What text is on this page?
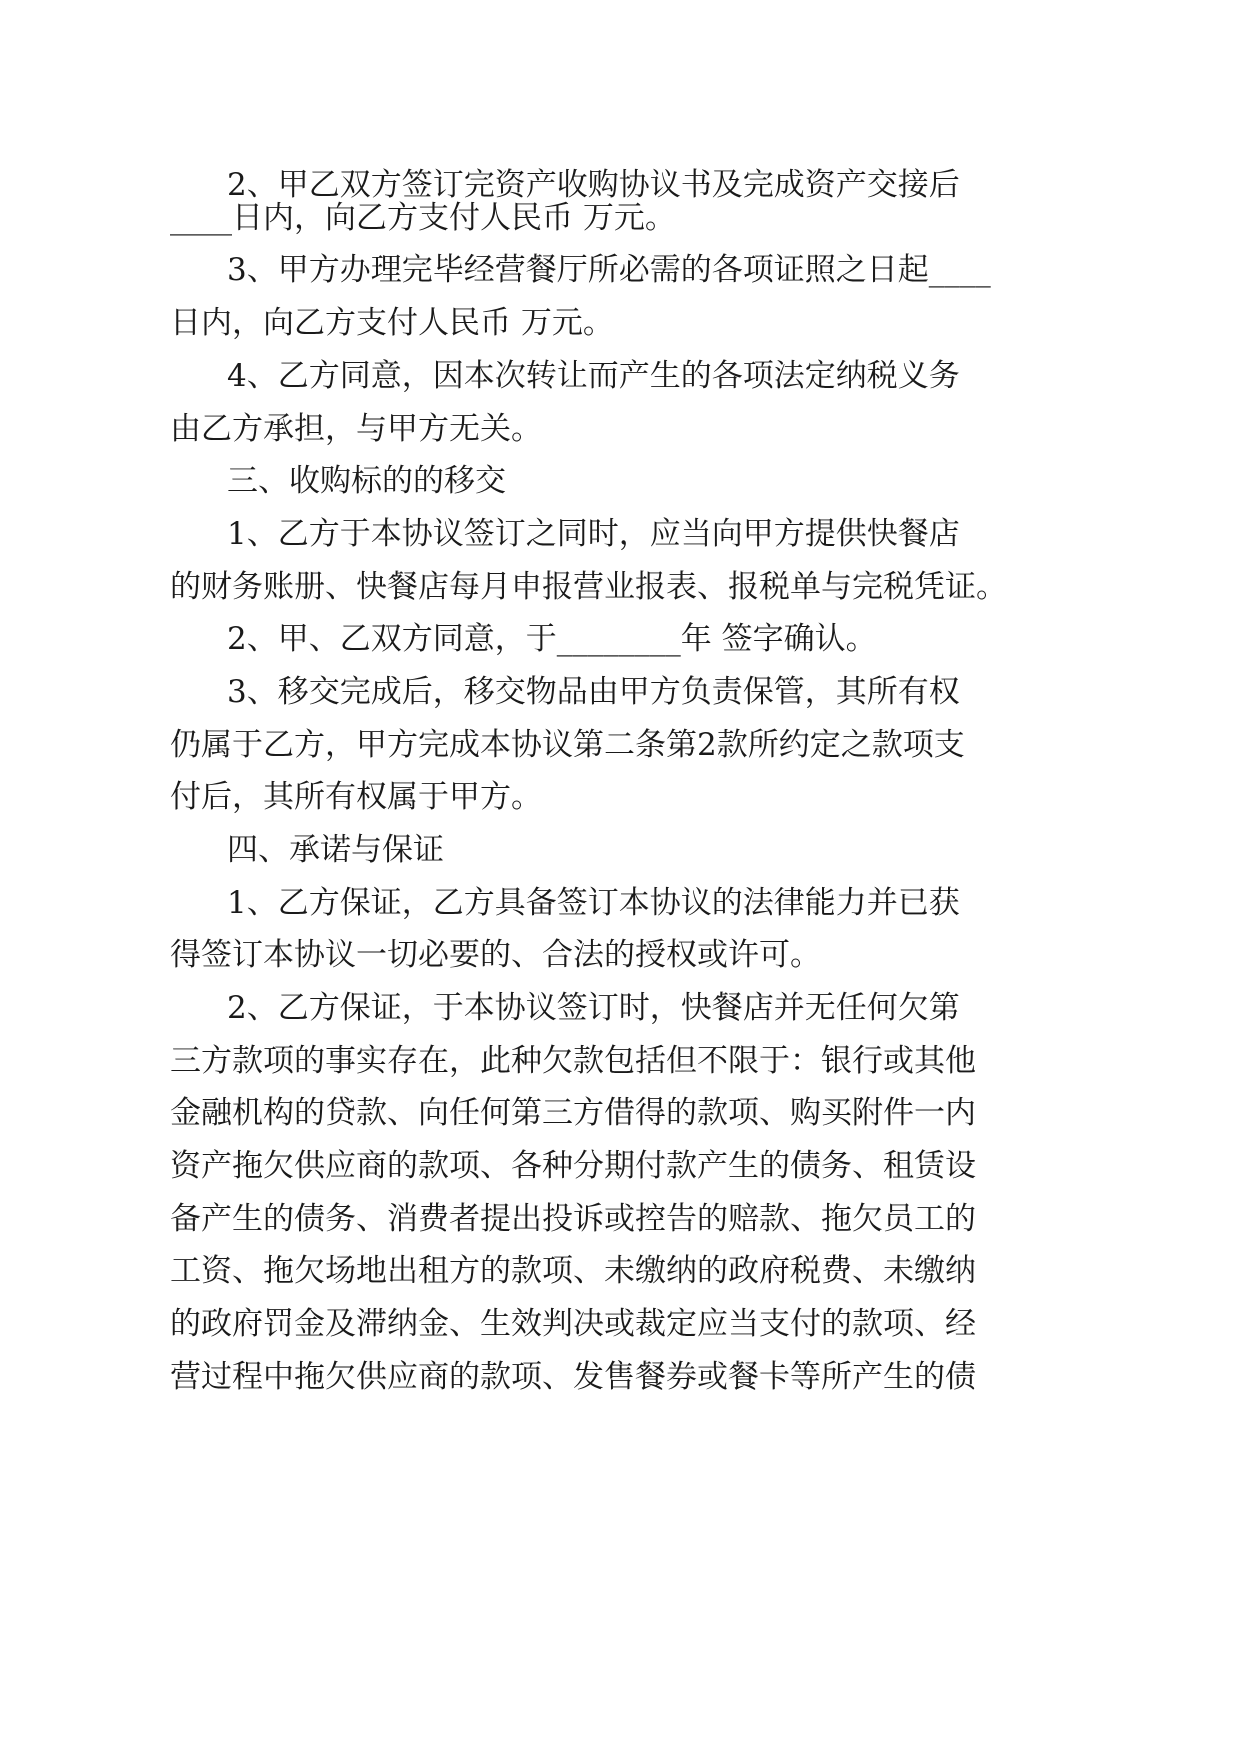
2、甲乙双方签订完资产收购协议书及完成资产交接后

____日内，向乙方支付人民币 万元。

3、甲方办理完毕经营餐厅所必需的各项证照之日起____

日内，向乙方支付人民币 万元。

4、乙方同意，因本次转让而产生的各项法定纳税义务

由乙方承担，与甲方无关。

三、收购标的的移交

1、乙方于本协议签订之同时，应当向甲方提供快餐店

的财务账册、快餐店每月申报营业报表、报税单与完税凭证。

2、甲、乙双方同意，于________年 签字确认。

3、移交完成后，移交物品由甲方负责保管，其所有权

仍属于乙方，甲方完成本协议第二条第2款所约定之款项支

付后，其所有权属于甲方。

四、承诺与保证

1、乙方保证，乙方具备签订本协议的法律能力并已获

得签订本协议一切必要的、合法的授权或许可。

2、乙方保证，于本协议签订时，快餐店并无任何欠第

三方款项的事实存在，此种欠款包括但不限于：银行或其他

金融机构的贷款、向任何第三方借得的款项、购买附件一内

资产拖欠供应商的款项、各种分期付款产生的债务、租赁设

备产生的债务、消费者提出投诉或控告的赔款、拖欠员工的

工资、拖欠场地出租方的款项、未缴纳的政府税费、未缴纳

的政府罚金及滞纳金、生效判决或裁定应当支付的款项、经

营过程中拖欠供应商的款项、发售餐券或餐卡等所产生的债
